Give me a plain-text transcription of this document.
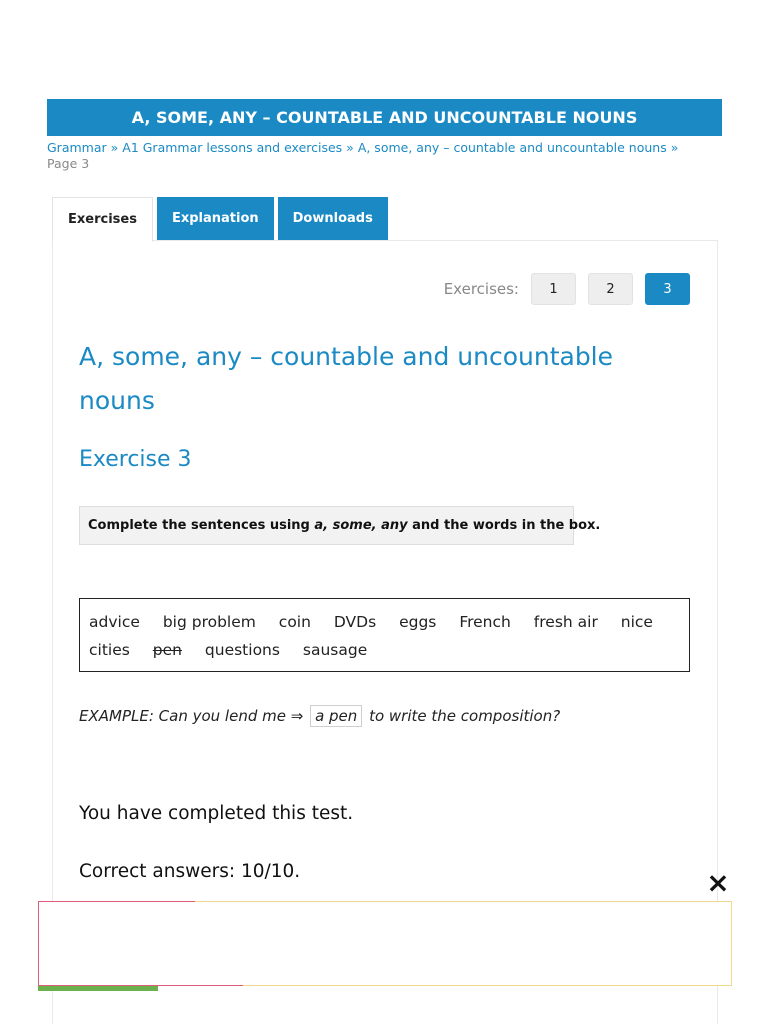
A, SOME, ANY – COUNTABLE AND UNCOUNTABLE NOUNS
Grammar » A1 Grammar lessons and exercises » A, some, any – countable and uncountable nouns »
Page 3
Exercises	Explanation	Downloads
Exercises:	1	2	3
A, some, any – countable and uncountable nouns
Exercise 3
Complete the sentences using a, some, any and the words in the box.
advice big problem coin DVDs eggs French fresh air nice cities pen questions sausage
EXAMPLE: Can you lend me ⇒ a pen to write the composition?
You have completed this test.
Correct answers: 10/10.	×
